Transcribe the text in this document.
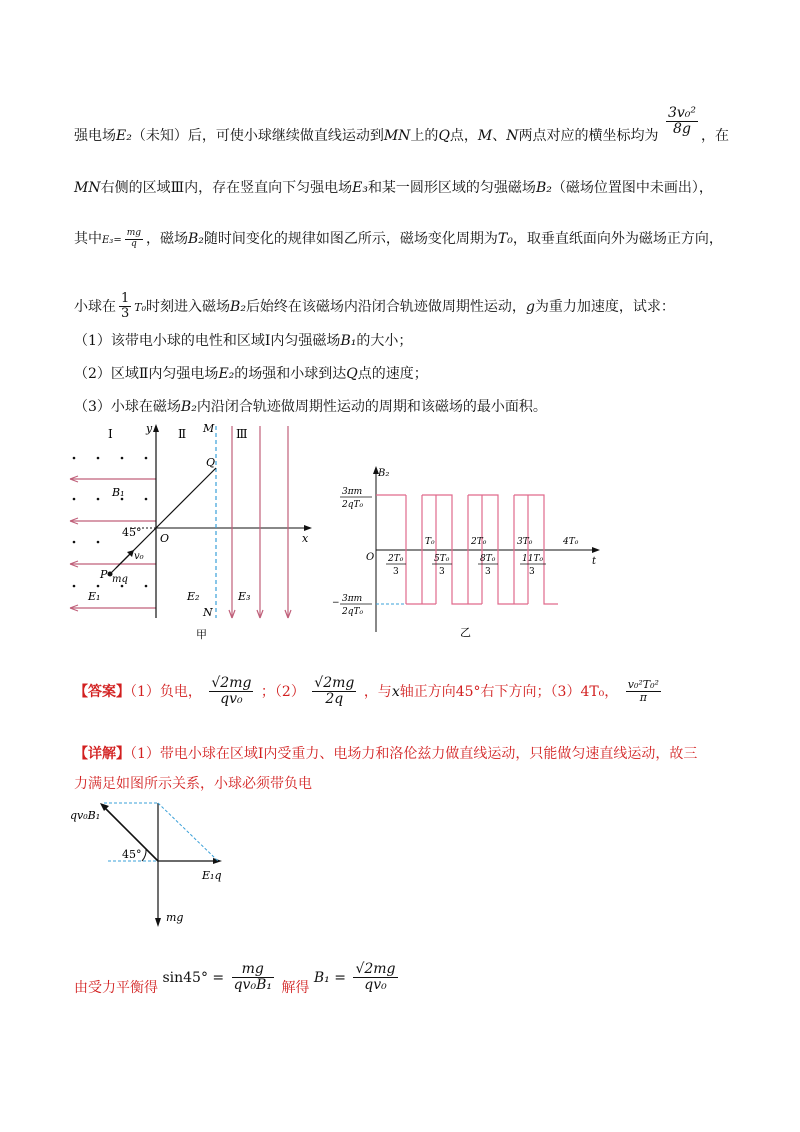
强电场E₂（未知）后，可使小球继续做直线运动到MN上的Q点，M、N两点对应的横坐标均为 $\frac{\text{3v₀²}}{8g}$ ，在
MN右侧的区域Ⅲ内，存在竖直向下匀强电场E₃和某一圆形区域的匀强磁场B₂（磁场位置图中未画出），
其中$E_3= \frac{mg}{q}$ ，磁场B₂随时间变化的规律如图乙所示，磁场变化周期为T₀，取垂直纸面向外为磁场正方向，
小球在 $\frac{1}{3} T_0$时刻进入磁场B₂后始终在该磁场内沿闭合轨迹做周期性运动，g为重力加速度，试求：
（1）该带电小球的电性和区域Ⅰ内匀强磁场B₁的大小；
（2）区域Ⅱ内匀强电场E₂的场强和小球到达Q点的速度；
（3）小球在磁场B₂内沿闭合轨迹做周期性运动的周期和该磁场的最小面积。
Ⅰ	Ⅱ	Ⅲ
y
x
O
M
N
Q
P mq
v₀
45°
B₁
E₁	E₂	E₃
甲
B₂
t
O
3πm
2qT₀
− 3πm
2qT₀
T₀	2T₀	3T₀	4T₀
2T₀
3
5T₀
3
8T₀
3
11T₀
3
乙
【答案】（1）负电， $\frac{√2mg}{\text{qv₀}}$ ；$(2) \frac{√2mg}{2q}$ ，与x轴正方向45°右下方向；（3）4T₀， $\frac{\text{v₀²T₀²}}{\pi}$
【详解】（1）带电小球在区域Ⅰ内受重力、电场力和洛伦兹力做直线运动，只能做匀速直线运动，故三
力满足如图所示关系，小球必须带负电
qv₀B₁
45°
E₁q
mg
由受力平衡得 $\sin 45^\circ = \frac{mg}{\text{qv₀B₁}}$ 解得 $B_1 = \frac{√2mg}{\text{qv₀}}$
